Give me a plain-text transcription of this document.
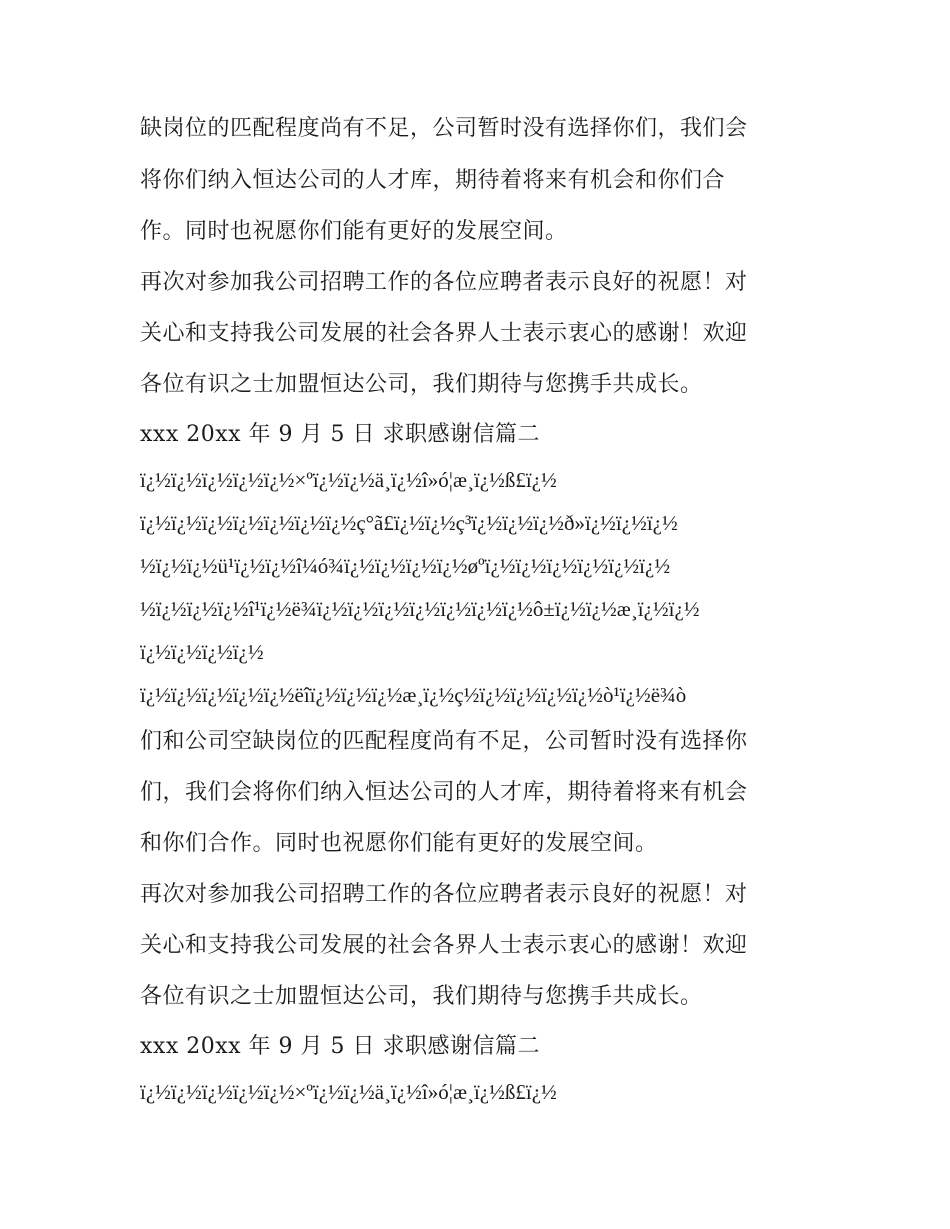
缺岗位的匹配程度尚有不足，公司暂时没有选择你们，我们会
将你们纳入恒达公司的人才库，期待着将来有机会和你们合
作。同时也祝愿你们能有更好的发展空间。
再次对参加我公司招聘工作的各位应聘者表示良好的祝愿！对
关心和支持我公司发展的社会各界人士表示衷心的感谢！欢迎
各位有识之士加盟恒达公司，我们期待与您携手共成长。
xxx 20xx 年 9 月 5 日 求职感谢信篇二
ï¿½ï¿½ï¿½ï¿½ï¿½×ºï¿½ï¿½ä¸ï¿½î»ó¦æ¸ï¿½ß£ï¿½
ï¿½ï¿½ï¿½ï¿½ï¿½ï¿½ï¿½ç°ã£ï¿½ï¿½ç³ï¿½ï¿½ï¿½ð»ï¿½ï¿½ï¿½
½ï¿½ï¿½ü¹ï¿½ï¿½î¼ó¾ï¿½ï¿½ï¿½ï¿½øºï¿½ï¿½ï¿½ï¿½ï¿½ï¿½
½ï¿½ï¿½ï¿½î¹ï¿½ë¾ï¿½ï¿½ï¿½ï¿½ï¿½ï¿½ï¿½ô±ï¿½ï¿½æ¸ï¿½ï¿½
ï¿½ï¿½ï¿½ï¿½
ï¿½ï¿½ï¿½ï¿½ï¿½ëîï¿½ï¿½ï¿½æ¸ï¿½ç½ï¿½ï¿½ï¿½ï¿½ò¹ï¿½ë¾ò
们和公司空缺岗位的匹配程度尚有不足，公司暂时没有选择你
们，我们会将你们纳入恒达公司的人才库，期待着将来有机会
和你们合作。同时也祝愿你们能有更好的发展空间。
再次对参加我公司招聘工作的各位应聘者表示良好的祝愿！对
关心和支持我公司发展的社会各界人士表示衷心的感谢！欢迎
各位有识之士加盟恒达公司，我们期待与您携手共成长。
xxx 20xx 年 9 月 5 日 求职感谢信篇二
ï¿½ï¿½ï¿½ï¿½ï¿½×ºï¿½ï¿½ä¸ï¿½î»ó¦æ¸ï¿½ß£ï¿½
